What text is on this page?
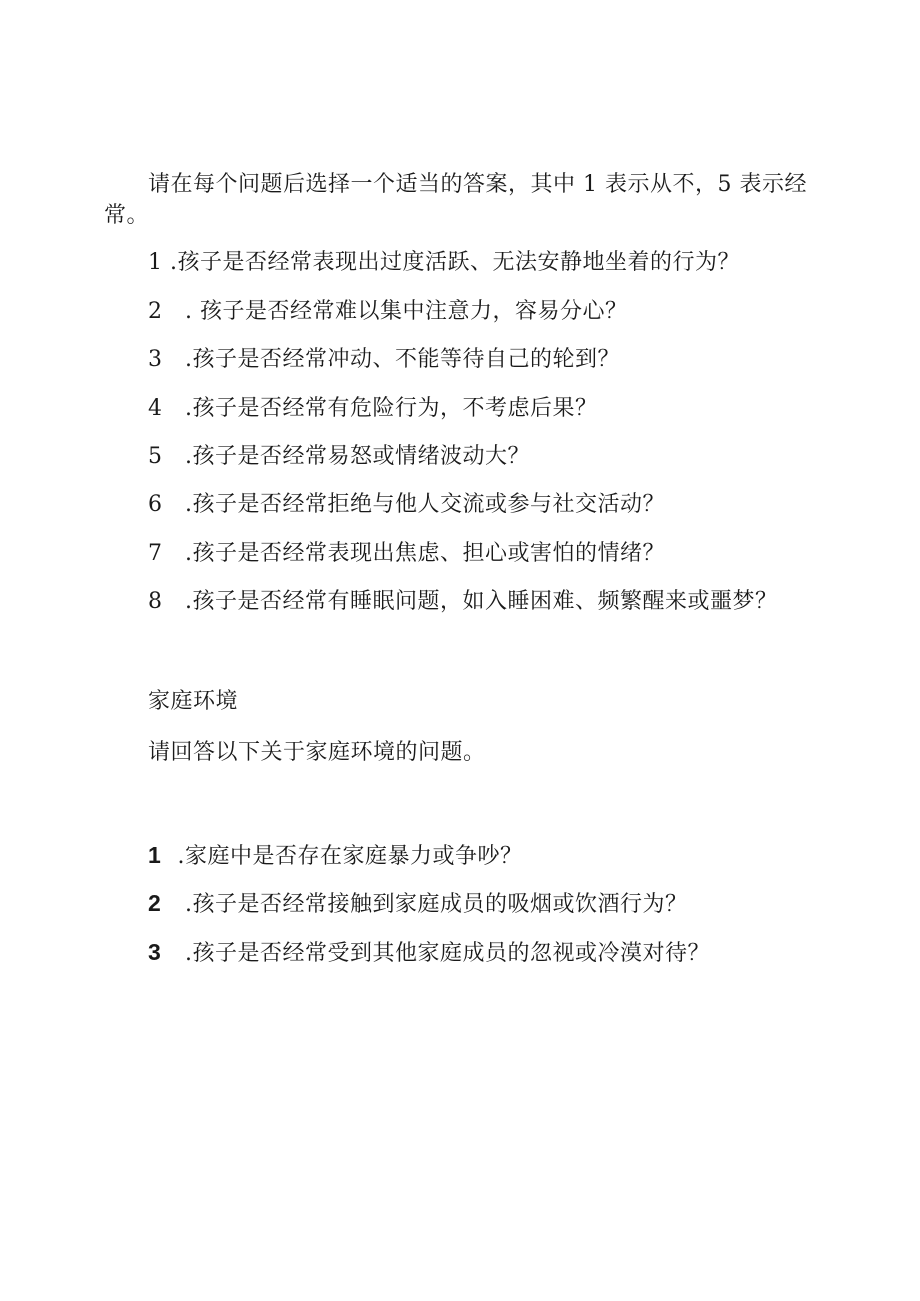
请在每个问题后选择一个适当的答案，其中 1 表示从不，5 表示经
常。
1 .孩子是否经常表现出过度活跃、无法安静地坐着的行为？
2  . 孩子是否经常难以集中注意力，容易分心？
3  .孩子是否经常冲动、不能等待自己的轮到？
4  .孩子是否经常有危险行为，不考虑后果？
5  .孩子是否经常易怒或情绪波动大？
6  .孩子是否经常拒绝与他人交流或参与社交活动？
7  .孩子是否经常表现出焦虑、担心或害怕的情绪？
8  .孩子是否经常有睡眠问题，如入睡困难、频繁醒来或噩梦？
家庭环境
请回答以下关于家庭环境的问题。
1 .家庭中是否存在家庭暴力或争吵？
2  .孩子是否经常接触到家庭成员的吸烟或饮酒行为？
3  .孩子是否经常受到其他家庭成员的忽视或冷漠对待？
